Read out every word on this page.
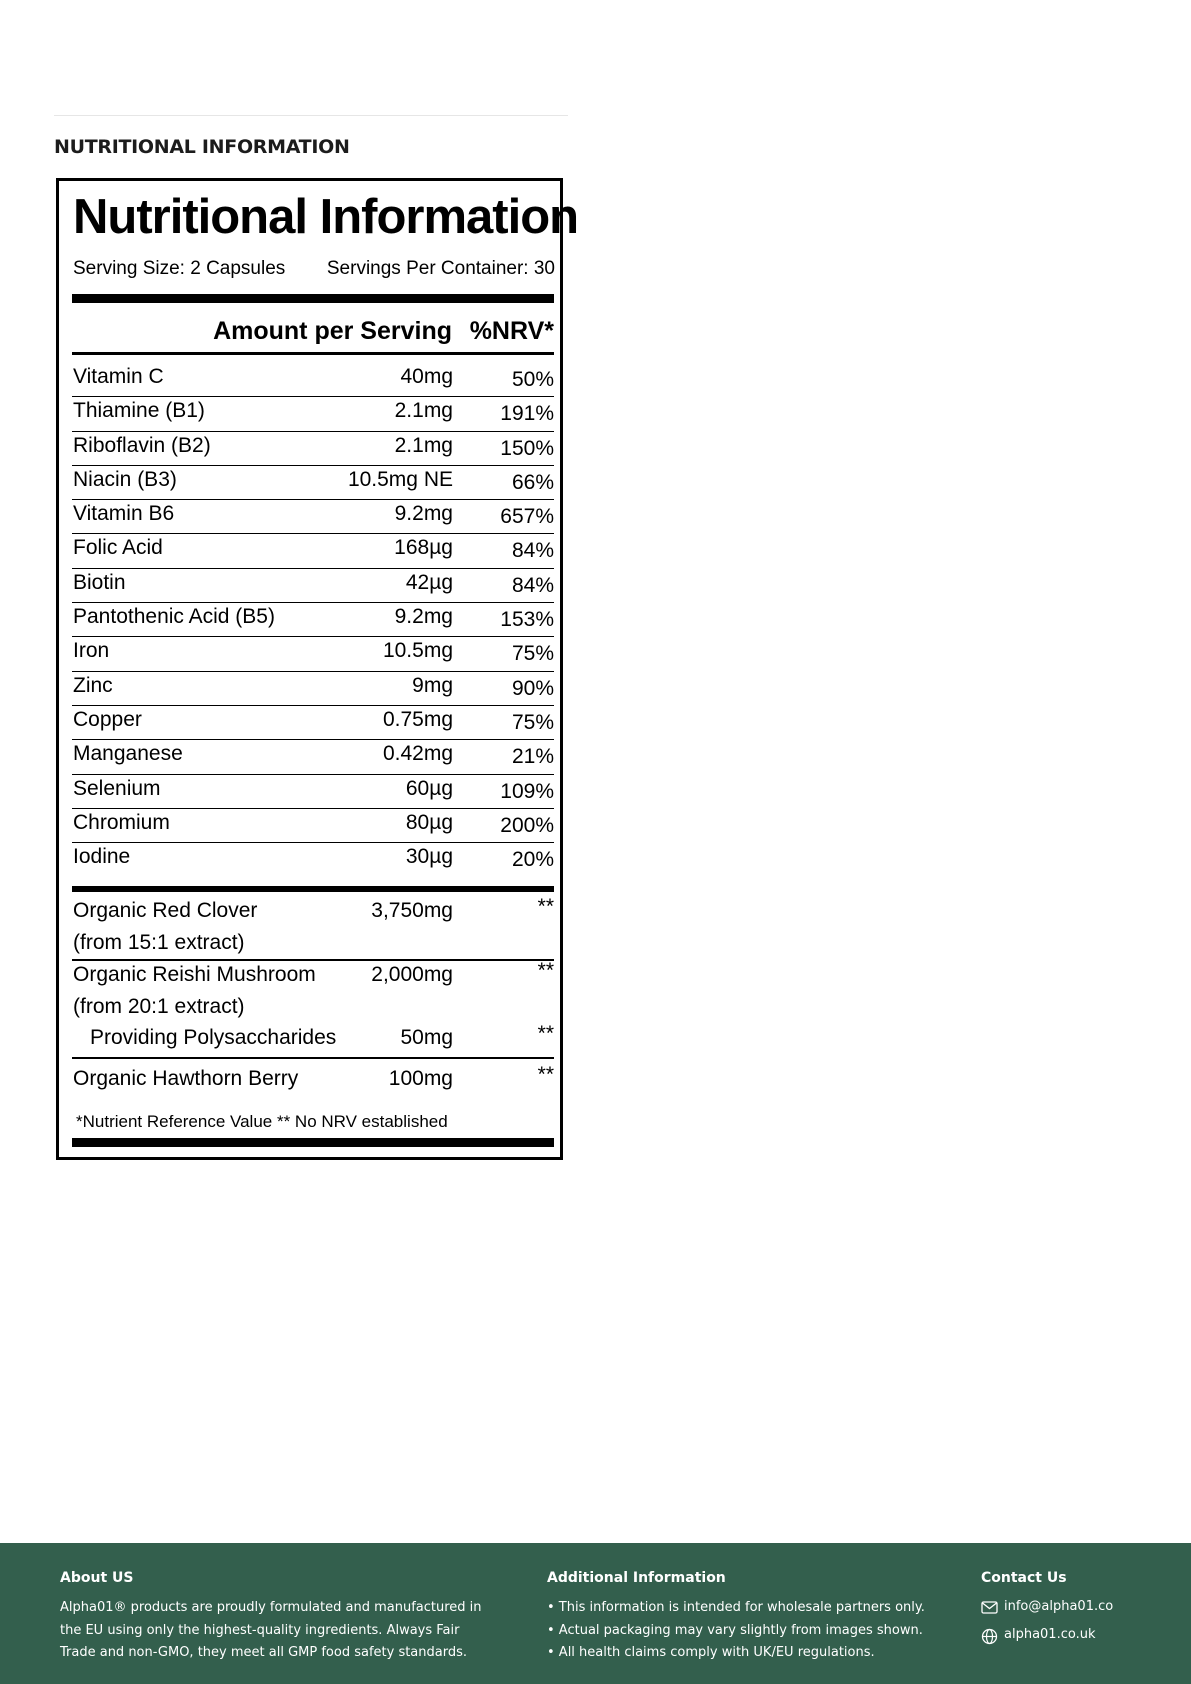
NUTRITIONAL INFORMATION
Nutritional Information
Serving Size: 2 Capsules Servings Per Container: 30
Amount per Serving %NRV*
Vitamin C	40mg	50%
Thiamine (B1)	2.1mg 191%
Riboflavin (B2)	2.1mg 150%
Niacin (B3)	10.5mg NE	66%
Vitamin B6	9.2mg 657%
Folic Acid	168µg	84%
Biotin	42µg	84%
Pantothenic Acid (B5)	9.2mg 153%
Iron	10.5mg	75%
Zinc	9mg	90%
Copper	0.75mg	75%
Manganese	0.42mg	21%
Selenium	60µg 109%
Chromium	80µg 200%
Iodine	30µg	20%
Organic Red Clover	3,750mg	**
(from 15:1 extract)
Organic Reishi Mushroom	2,000mg	**
(from 20:1 extract)
Providing Polysaccharides	50mg	**
Organic Hawthorn Berry	100mg	**
*Nutrient Reference Value ** No NRV established
About US
Alpha01® products are proudly formulated and manufactured in
the EU using only the highest-quality ingredients. Always Fair
Trade and non-GMO, they meet all GMP food safety standards.
Additional Information
• This information is intended for wholesale partners only.
• Actual packaging may vary slightly from images shown.
• All health claims comply with UK/EU regulations.
Contact Us
info@alpha01.co
alpha01.co.uk
